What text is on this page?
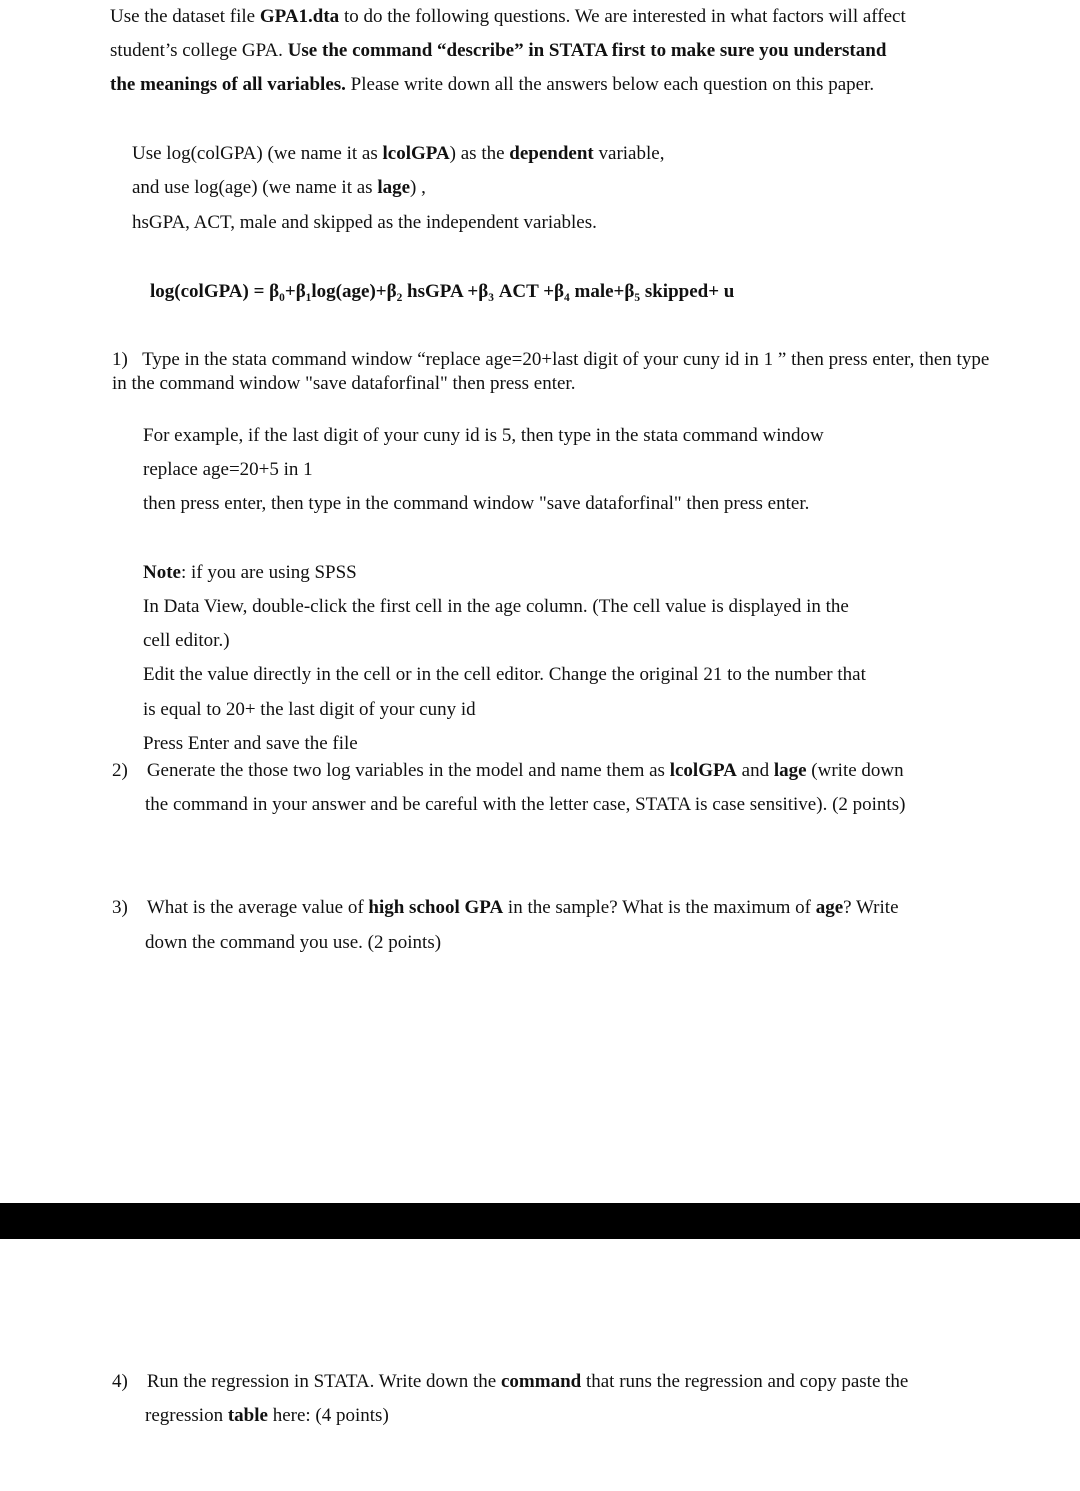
Use the dataset file GPA1.dta to do the following questions. We are interested in what factors will affect
student’s college GPA. Use the command “describe” in STATA first to make sure you understand
the meanings of all variables. Please write down all the answers below each question on this paper.
Use log(colGPA) (we name it as lcolGPA) as the dependent variable,
and use log(age) (we name it as lage) ,
hsGPA, ACT, male and skipped as the independent variables.
log(colGPA) = β₀+β₁log(age)+β₂ hsGPA +β₃ ACT +β₄ male+β₅ skipped+ u
1) Type in the stata command window “replace age=20+last digit of your cuny id in 1 ” then press enter, then type
in the command window "save dataforfinal" then press enter.
For example, if the last digit of your cuny id is 5, then type in the stata command window
replace age=20+5 in 1
then press enter, then type in the command window "save dataforfinal" then press enter.
Note: if you are using SPSS
In Data View, double-click the first cell in the age column. (The cell value is displayed in the
cell editor.)
Edit the value directly in the cell or in the cell editor. Change the original 21 to the number that
is equal to 20+ the last digit of your cuny id
Press Enter and save the file
2) Generate the those two log variables in the model and name them as lcolGPA and lage (write down
the command in your answer and be careful with the letter case, STATA is case sensitive). (2 points)
3) What is the average value of high school GPA in the sample? What is the maximum of age? Write
down the command you use. (2 points)
4) Run the regression in STATA. Write down the command that runs the regression and copy paste the
regression table here: (4 points)
